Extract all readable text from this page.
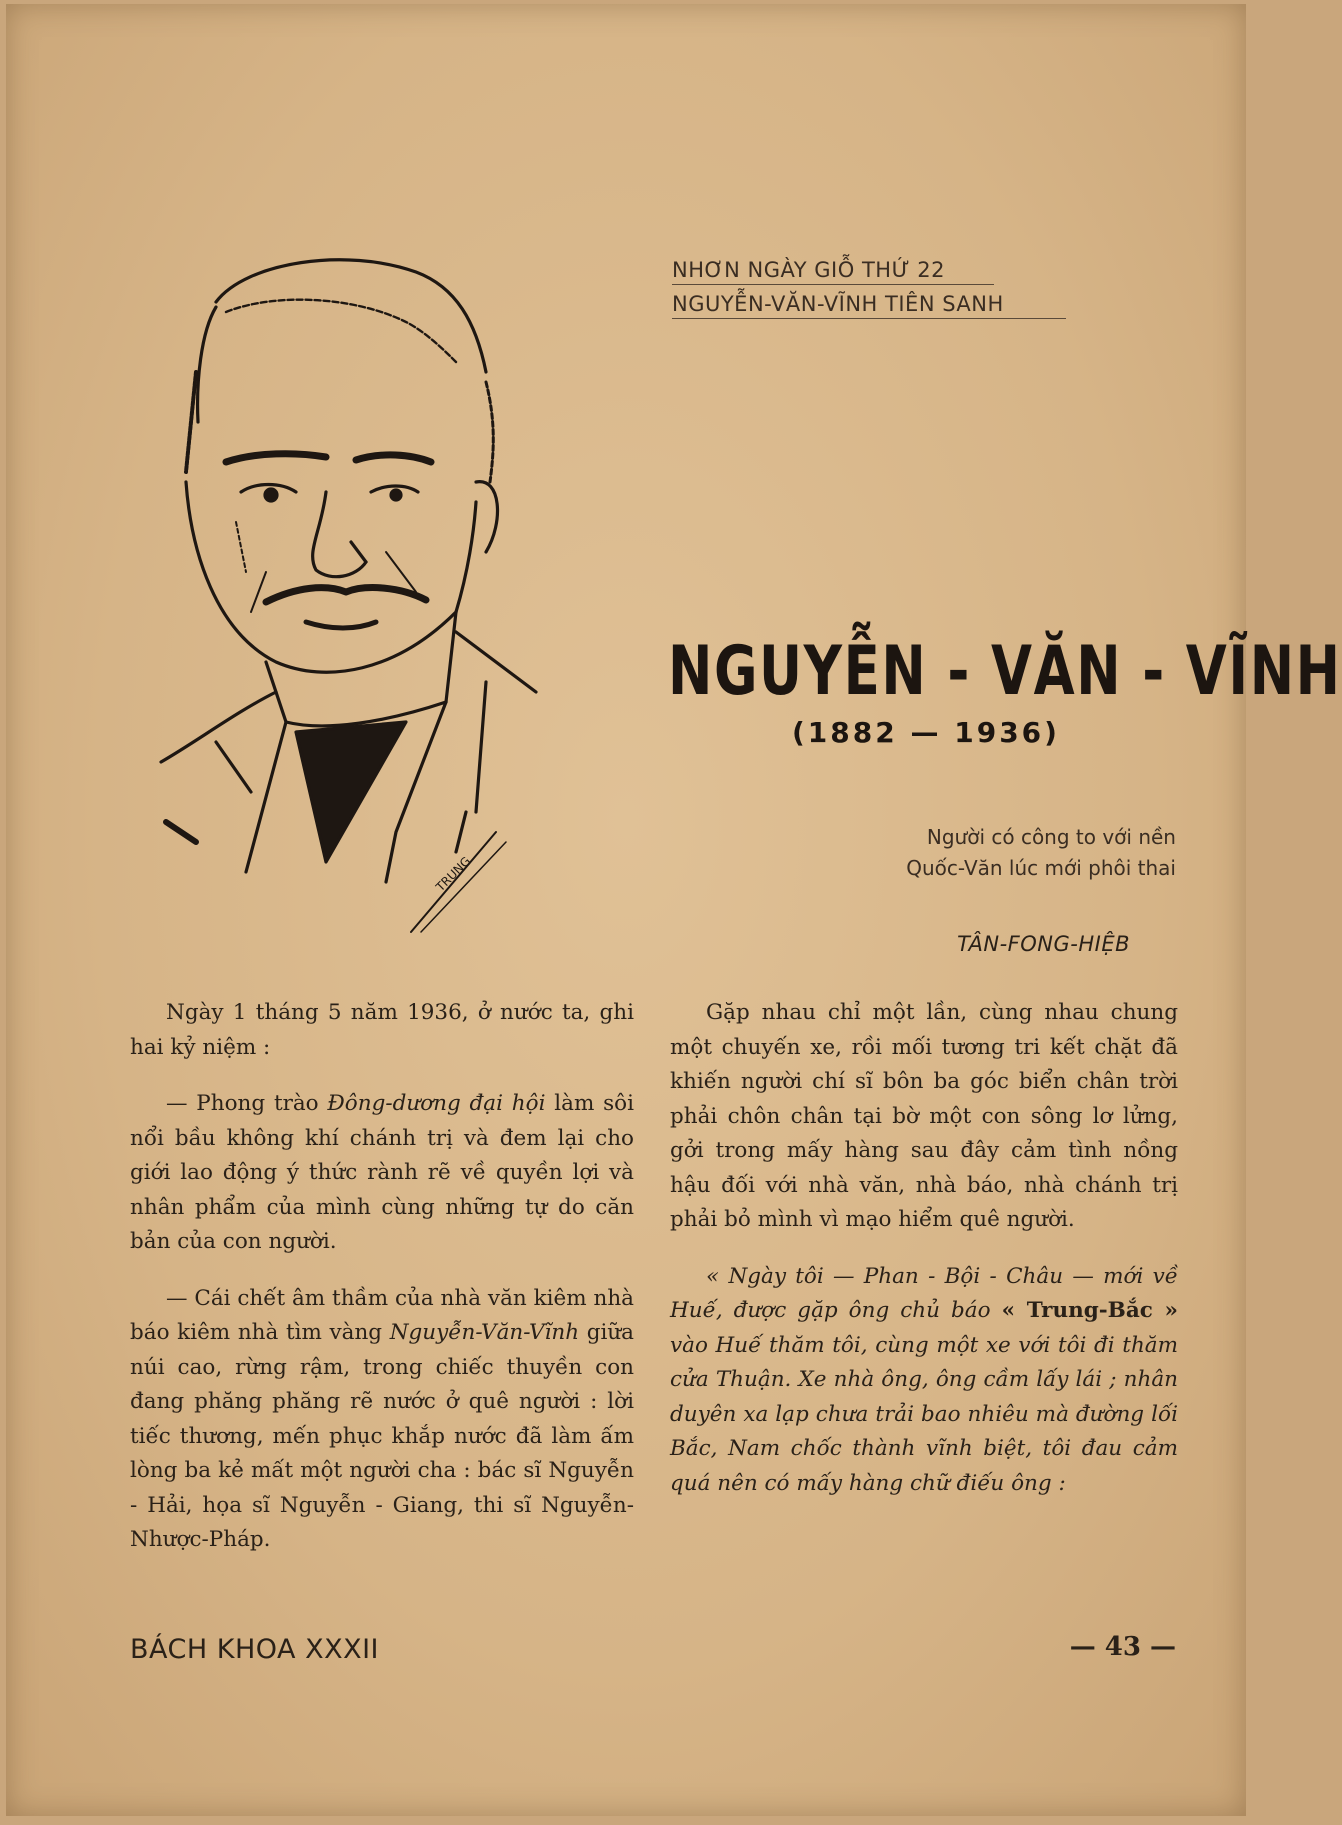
NHƠN NGÀY GIỖ THỨ 22
NGUYỄN-VĂN-VĨNH TIÊN SANH
TRUNG
NGUYỄN - VĂN - VĨNH
(1882 — 1936)
Người có công to với nền
Quốc-Văn lúc mới phôi thai
TÂN-FONG-HIỆB

Ngày 1 tháng 5 năm 1936, ở nước ta, ghi hai kỷ niệm :

— Phong trào Đông-dương đại hội làm sôi nổi bầu không khí chánh trị và đem lại cho giới lao động ý thức rành rẽ về quyền lợi và nhân phẩm của mình cùng những tự do căn bản của con người.

— Cái chết âm thầm của nhà văn kiêm nhà báo kiêm nhà tìm vàng Nguyễn-Văn-Vĩnh giữa núi cao, rừng rậm, trong chiếc thuyền con đang phăng phăng rẽ nước ở quê người : lời tiếc thương, mến phục khắp nước đã làm ấm lòng ba kẻ mất một người cha : bác sĩ Nguyễn - Hải, họa sĩ Nguyễn - Giang, thi sĩ Nguyễn-Nhược-Pháp.

Gặp nhau chỉ một lần, cùng nhau chung một chuyến xe, rồi mối tương tri kết chặt đã khiến người chí sĩ bôn ba góc biển chân trời phải chôn chân tại bờ một con sông lơ lửng, gởi trong mấy hàng sau đây cảm tình nồng hậu đối với nhà văn, nhà báo, nhà chánh trị phải bỏ mình vì mạo hiểm quê người.

« Ngày tôi — Phan - Bội - Châu — mới về Huế, được gặp ông chủ báo « Trung-Bắc » vào Huế thăm tôi, cùng một xe với tôi đi thăm cửa Thuận. Xe nhà ông, ông cầm lấy lái ; nhân duyên xa lạp chưa trải bao nhiêu mà đường lối Bắc, Nam chốc thành vĩnh biệt, tôi đau cảm quá nên có mấy hàng chữ điếu ông :

BÁCH KHOA XXXII	— 43 —
